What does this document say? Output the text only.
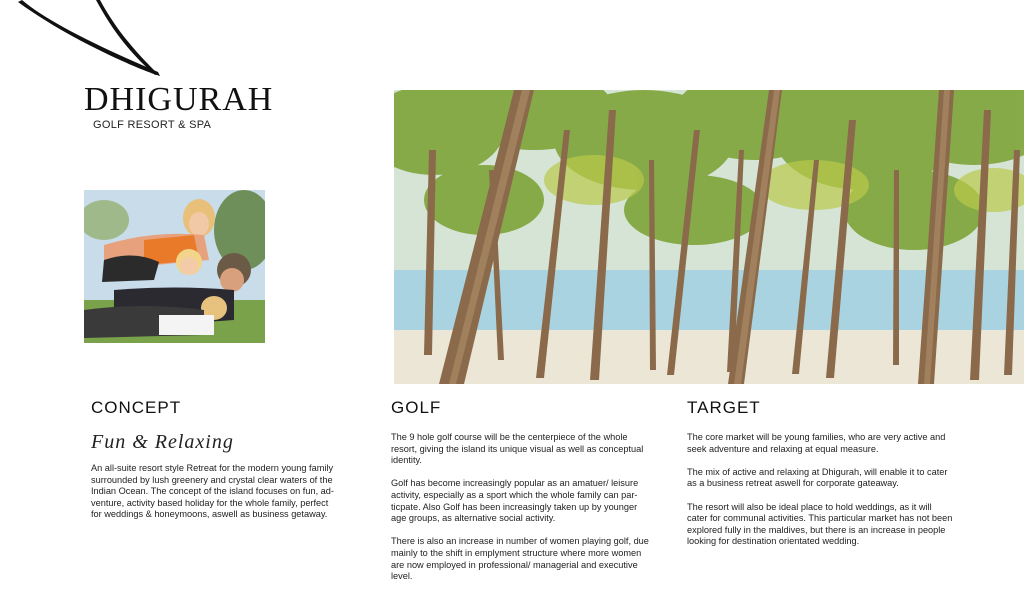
DHIGURAH
GOLF RESORT & SPA
CONCEPT
Fun & Relaxing
An all-suite resort style Retreat for the modern young family
surrounded by lush greenery and crystal clear waters of the
Indian Ocean. The concept of the island focuses on fun, ad-
venture, activity based holiday for the whole family, perfect
for weddings & honeymoons, aswell as business getaway.
GOLF
The 9 hole golf course will be the centerpiece of the whole
resort, giving the island its unique visual as well as conceptual
identity.

Golf has become increasingly popular as an amatuer/ leisure
activity, especially as a sport which the whole family can par-
ticpate. Also Golf has been increasingly taken up by younger
age groups, as alternative social activity.

There is also an increase in number of women playing golf, due
mainly to the shift in emplyment structure where more women
are now employed in professional/ managerial and executive
level.
TARGET
The core market will be young families, who are very active and
seek adventure and relaxing at equal measure.

The mix of active and relaxing at Dhigurah, will enable it to cater
as a business retreat aswell for corporate gateaway.

The resort will also be ideal place to hold weddings, as it will
cater for communal activities. This particular market has not been
explored fully in the maldives, but there is an increase in people
looking for destination orientated wedding.
